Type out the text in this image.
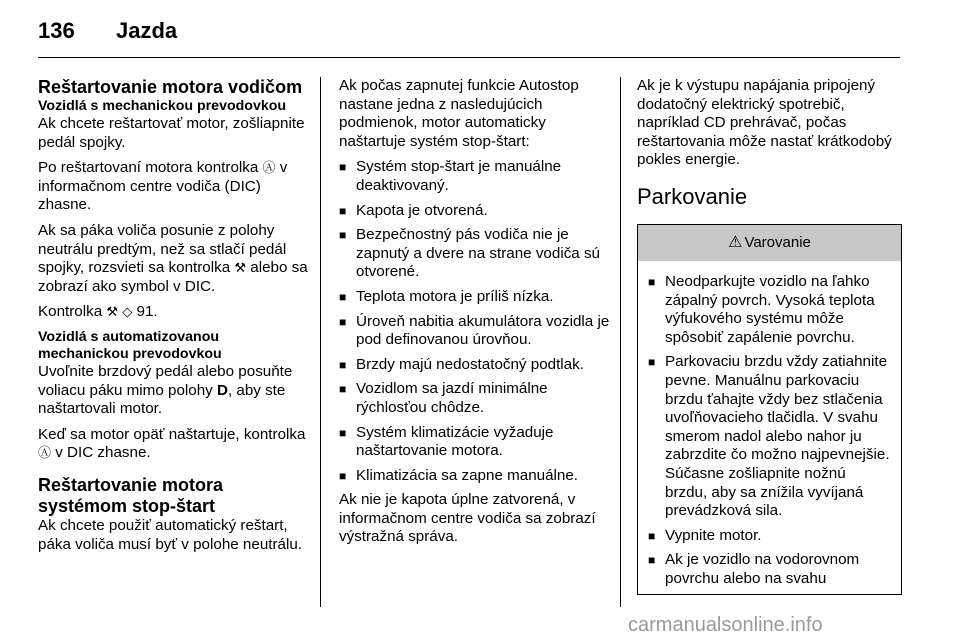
136 Jazda
Reštartovanie motora vodičom
Vozidlá s mechanickou prevodovkou

Ak chcete reštartovať motor, zošliapnite pedál spojky.

Po reštartovaní motora kontrolka Ⓐ v informačnom centre vodiča (DIC) zhasne.

Ak sa páka voliča posunie z polohy neutrálu predtým, než sa stlačí pedál spojky, rozsvieti sa kontrolka ⚒ alebo sa zobrazí ako symbol v DIC.

Kontrolka ⚒ ◇ 91.

Vozidlá s automatizovanou mechanickou prevodovkou

Uvoľnite brzdový pedál alebo posuňte voliacu páku mimo polohy D, aby ste naštartovali motor.

Keď sa motor opäť naštartuje, kontrolka Ⓐ v DIC zhasne.

Reštartovanie motora systémom stop-štart

Ak chcete použiť automatický reštart, páka voliča musí byť v polohe neutrálu.

Ak počas zapnutej funkcie Autostop nastane jedna z nasledujúcich podmienok, motor automaticky naštartuje systém stop-štart:

■ Systém stop-štart je manuálne deaktivovaný.
■ Kapota je otvorená.
■ Bezpečnostný pás vodiča nie je zapnutý a dvere na strane vodiča sú otvorené.
■ Teplota motora je príliš nízka.
■ Úroveň nabitia akumulátora vozidla je pod definovanou úrovňou.
■ Brzdy majú nedostatočný podtlak.
■ Vozidlom sa jazdí minimálne rýchlosťou chôdze.
■ Systém klimatizácie vyžaduje naštartovanie motora.
■ Klimatizácia sa zapne manuálne.

Ak nie je kapota úplne zatvorená, v informačnom centre vodiča sa zobrazí výstražná správa.

Ak je k výstupu napájania pripojený dodatočný elektrický spotrebič, napríklad CD prehrávač, počas reštartovania môže nastať krátkodobý pokles energie.

Parkovanie
⚠ Varovanie
■ Neodparkujte vozidlo na ľahko zápalný povrch. Vysoká teplota výfukového systému môže spôsobiť zapálenie povrchu.
■ Parkovaciu brzdu vždy zatiahnite pevne. Manuálnu parkovaciu brzdu ťahajte vždy bez stlačenia uvoľňovacieho tlačidla. V svahu smerom nadol alebo nahor ju zabrzdite čo možno najpevnejšie. Súčasne zošliapnite nožnú brzdu, aby sa znížila vyvíjaná prevádzková sila.
■ Vypnite motor.
■ Ak je vozidlo na vodorovnom povrchu alebo na svahu
carmanualsonline.info
